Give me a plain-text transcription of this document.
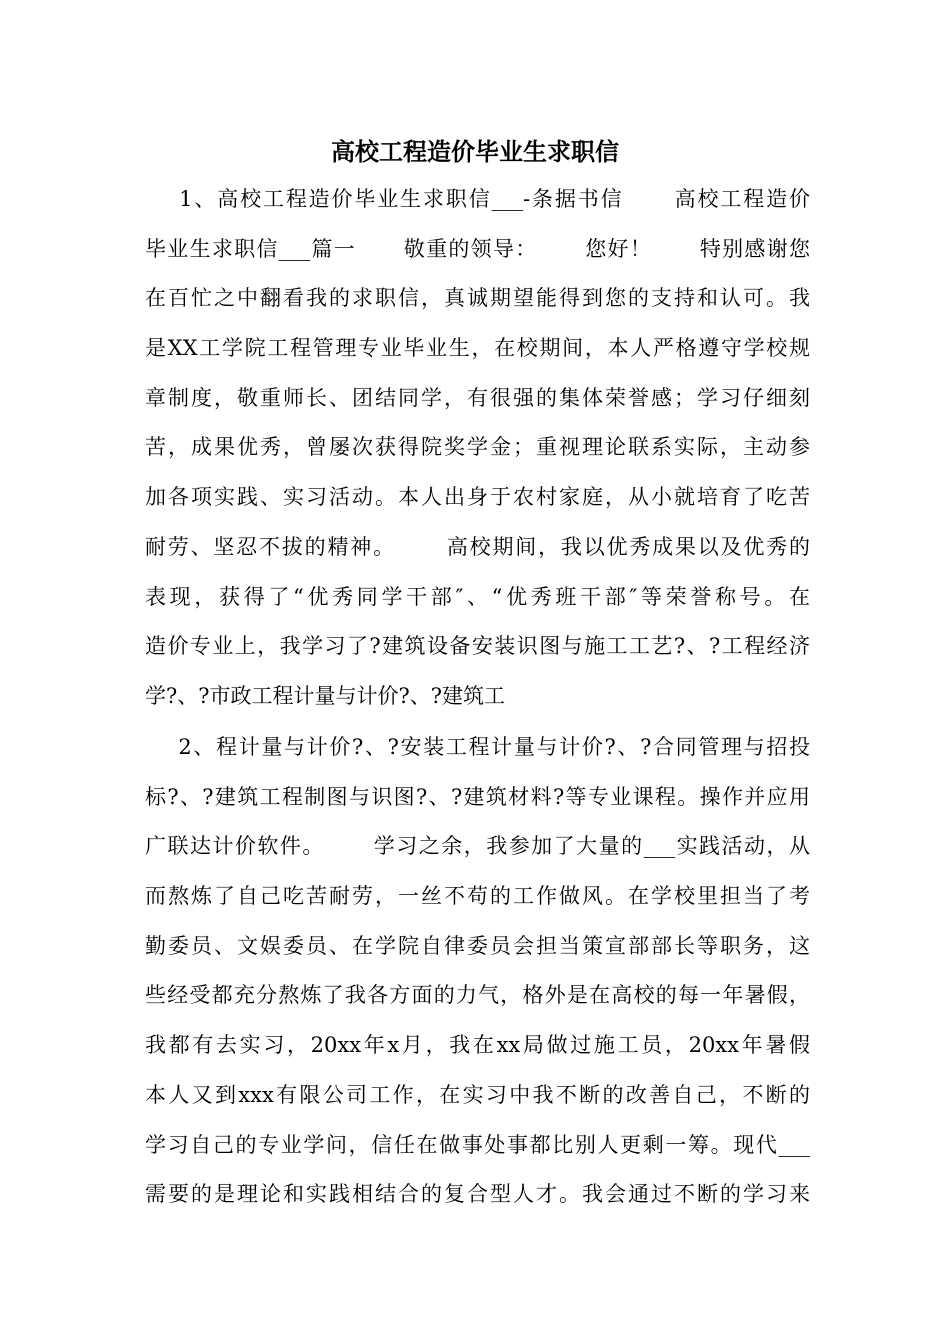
高校工程造价毕业生求职信
1、高校工程造价毕业生求职信___-条据书信      高校工程造价
毕业生求职信___篇一      敬重的领导：      您好！      特别感谢您
在百忙之中翻看我的求职信，真诚期望能得到您的支持和认可。我
是XX工学院工程管理专业毕业生，在校期间，本人严格遵守学校规
章制度，敬重师长、团结同学，有很强的集体荣誉感；学习仔细刻
苦，成果优秀，曾屡次获得院奖学金；重视理论联系实际，主动参
加各项实践、实习活动。本人出身于农村家庭，从小就培育了吃苦
耐劳、坚忍不拔的精神。      高校期间，我以优秀成果以及优秀的
表现，获得了“优秀同学干部″、“优秀班干部″等荣誉称号。在
造价专业上，我学习了?建筑设备安装识图与施工工艺?、?工程经济
学?、?市政工程计量与计价?、?建筑工
2、程计量与计价?、?安装工程计量与计价?、?合同管理与招投
标?、?建筑工程制图与识图?、?建筑材料?等专业课程。操作并应用
广联达计价软件。      学习之余，我参加了大量的___实践活动，从
而熬炼了自己吃苦耐劳，一丝不苟的工作做风。在学校里担当了考
勤委员、文娱委员、在学院自律委员会担当策宣部部长等职务，这
些经受都充分熬炼了我各方面的力气，格外是在高校的每一年暑假，
我都有去实习，20xx年x月，我在xx局做过施工员，20xx年暑假
本人又到xxx有限公司工作，在实习中我不断的改善自己，不断的
学习自己的专业学问，信任在做事处事都比别人更剩一筹。现代___
需要的是理论和实践相结合的复合型人才。我会通过不断的学习来
